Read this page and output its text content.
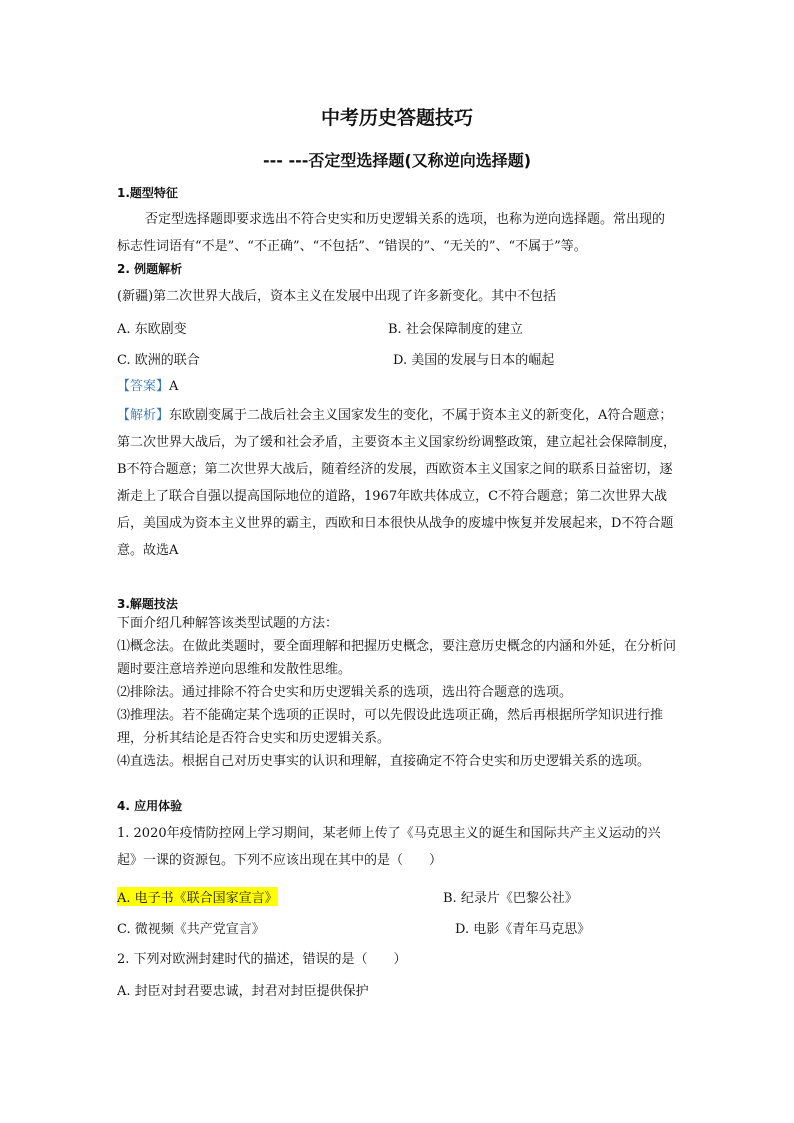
中考历史答题技巧
--- ---否定型选择题(又称逆向选择题)
1.题型特征
否定型选择题即要求选出不符合史实和历史逻辑关系的选项，也称为逆向选择题。常出现的标志性词语有“不是”、“不正确”、“不包括”、“错误的”、“无关的”、“不属于”等。
2. 例题解析
(新疆)第二次世界大战后，资本主义在发展中出现了许多新变化。其中不包括
A. 东欧剧变	B. 社会保障制度的建立
C. 欧洲的联合	D. 美国的发展与日本的崛起
【答案】A
【解析】东欧剧变属于二战后社会主义国家发生的变化，不属于资本主义的新变化，A符合题意；第二次世界大战后，为了缓和社会矛盾，主要资本主义国家纷纷调整政策，建立起社会保障制度，B不符合题意；第二次世界大战后，随着经济的发展，西欧资本主义国家之间的联系日益密切，逐渐走上了联合自强以提高国际地位的道路，1967年欧共体成立，C不符合题意；第二次世界大战后，美国成为资本主义世界的霸主，西欧和日本很快从战争的废墟中恢复并发展起来，D不符合题意。故选A
3.解题技法
下面介绍几种解答该类型试题的方法：
⑴概念法。在做此类题时，要全面理解和把握历史概念，要注意历史概念的内涵和外延，在分析问题时要注意培养逆向思维和发散性思维。
⑵排除法。通过排除不符合史实和历史逻辑关系的选项，选出符合题意的选项。
⑶推理法。若不能确定某个选项的正误时，可以先假设此选项正确，然后再根据所学知识进行推理，分析其结论是否符合史实和历史逻辑关系。
⑷直选法。根据自己对历史事实的认识和理解，直接确定不符合史实和历史逻辑关系的选项。
4. 应用体验
1. 2020年疫情防控网上学习期间，某老师上传了《马克思主义的诞生和国际共产主义运动的兴起》一课的资源包。下列不应该出现在其中的是（　　）
A. 电子书《联合国家宣言》	B. 纪录片《巴黎公社》
C. 微视频《共产党宣言》	D. 电影《青年马克思》
2. 下列对欧洲封建时代的描述，错误的是（　　）
A. 封臣对封君要忠诚，封君对封臣提供保护
